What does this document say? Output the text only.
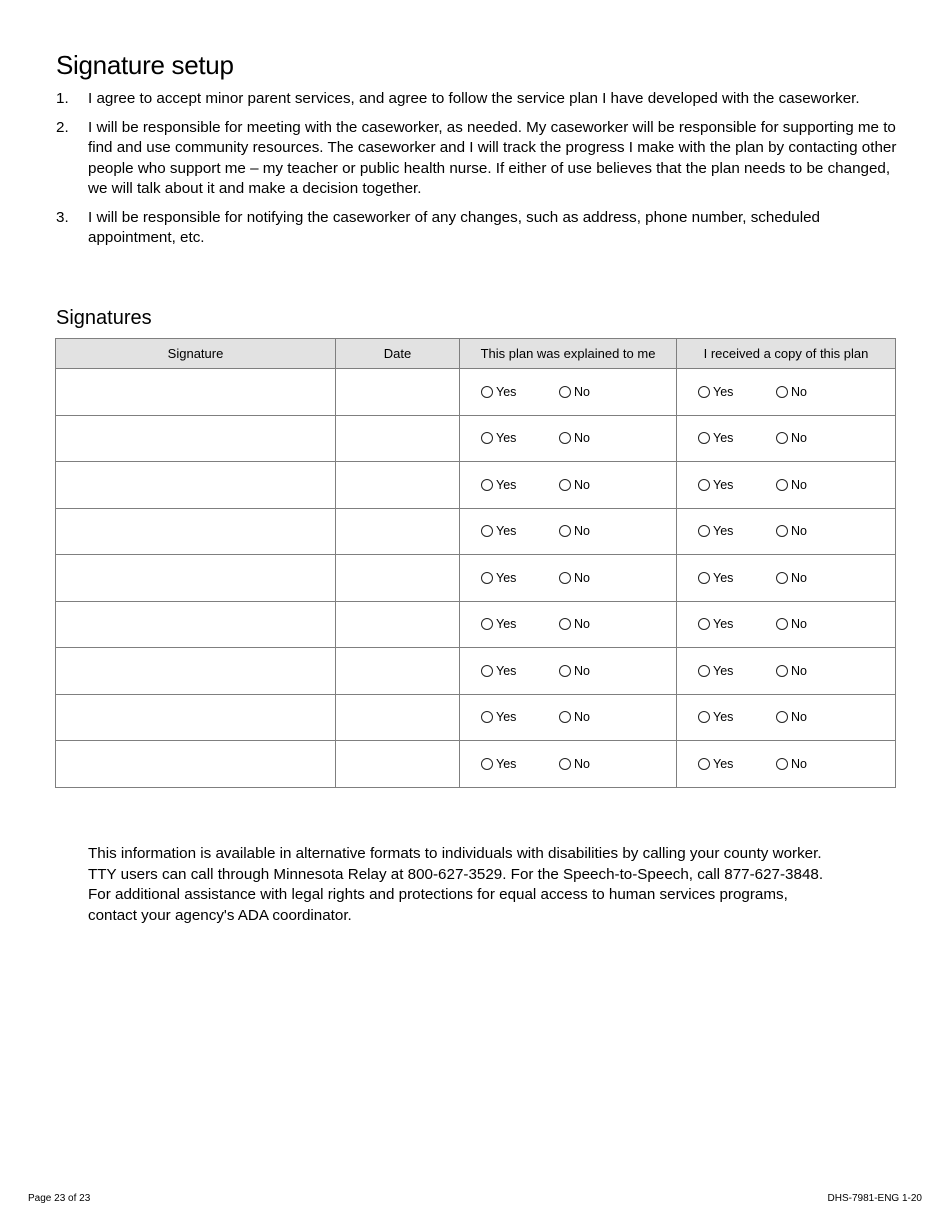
Signature setup
1. I agree to accept minor parent services, and agree to follow the service plan I have developed with the caseworker.
2. I will be responsible for meeting with the caseworker, as needed. My caseworker will be responsible for supporting me to find and use community resources. The caseworker and I will track the progress I make with the plan by contacting other people who support me – my teacher or public health nurse. If either of use believes that the plan needs to be changed, we will talk about it and make a decision together.
3. I will be responsible for notifying the caseworker of any changes, such as address, phone number, scheduled appointment, etc.
Signatures
Signature	Date	This plan was explained to me	I received a copy of this plan

		Yes No	Yes No

		Yes No	Yes No

		Yes No	Yes No

		Yes No	Yes No

		Yes No	Yes No

		Yes No	Yes No

		Yes No	Yes No

		Yes No	Yes No

		Yes No	Yes No

This information is available in alternative formats to individuals with disabilities by calling your county worker. TTY users can call through Minnesota Relay at 800-627-3529. For the Speech-to-Speech, call 877-627-3848. For additional assistance with legal rights and protections for equal access to human services programs, contact your agency's ADA coordinator.

Page 23 of 23	DHS-7981-ENG 1-20
